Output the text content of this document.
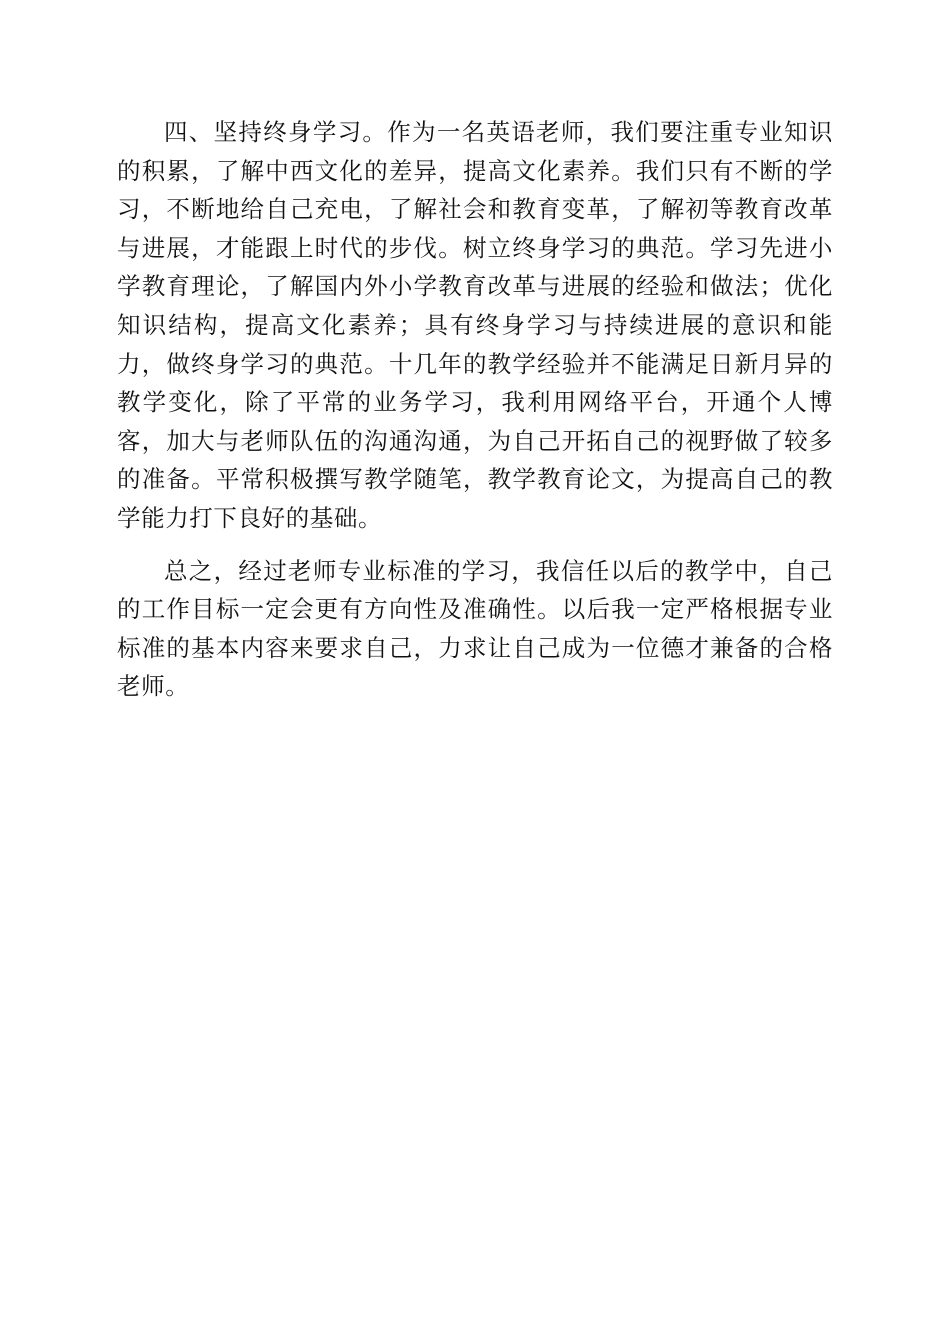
四、坚持终身学习。作为一名英语老师，我们要注重专业知识的积累，了解中西文化的差异，提高文化素养。我们只有不断的学习，不断地给自己充电，了解社会和教育变革，了解初等教育改革与进展，才能跟上时代的步伐。树立终身学习的典范。学习先进小学教育理论，了解国内外小学教育改革与进展的经验和做法；优化知识结构，提高文化素养；具有终身学习与持续进展的意识和能力，做终身学习的典范。十几年的教学经验并不能满足日新月异的教学变化，除了平常的业务学习，我利用网络平台，开通个人博客，加大与老师队伍的沟通沟通，为自己开拓自己的视野做了较多的准备。平常积极撰写教学随笔，教学教育论文，为提高自己的教学能力打下良好的基础。

总之，经过老师专业标准的学习，我信任以后的教学中，自己的工作目标一定会更有方向性及准确性。以后我一定严格根据专业标准的基本内容来要求自己，力求让自己成为一位德才兼备的合格老师。
